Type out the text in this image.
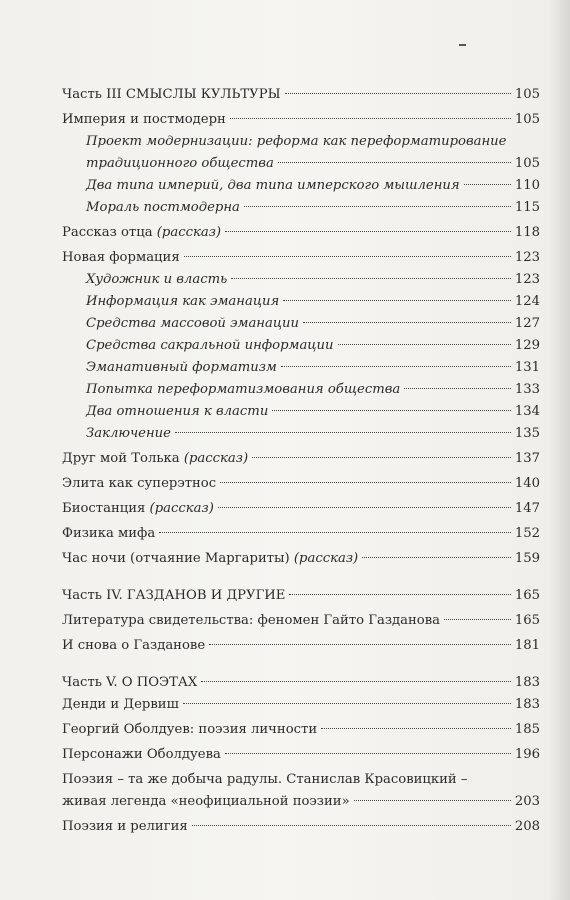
Часть III СМЫСЛЫ КУЛЬТУРЫ	105
Империя и постмодерн	105
Проект модернизации: реформа как переформатирование
традиционного общества	105
Два типа империй, два типа имперского мышления	110
Мораль постмодерна	115
Рассказ отца (рассказ)	118
Новая формация	123
Художник и власть	123
Информация как эманация	124
Средства массовой эманации	127
Средства сакральной информации	129
Эманативный форматизм	131
Попытка переформатизмования общества	133
Два отношения к власти	134
Заключение	135
Друг мой Толька (рассказ)	137
Элита как суперэтнос	140
Биостанция (рассказ)	147
Физика мифа	152
Час ночи (отчаяние Маргариты) (рассказ)	159
Часть IV. ГАЗДАНОВ И ДРУГИЕ	165
Литература свидетельства: феномен Гайто Газданова	165
И снова о Газданове	181
Часть V. О ПОЭТАХ	183
Денди и Дервиш	183
Георгий Оболдуев: поэзия личности	185
Персонажи Оболдуева	196
Поэзия – та же добыча радулы. Станислав Красовицкий –
живая легенда «неофициальной поэзии»	203
Поэзия и религия	208
